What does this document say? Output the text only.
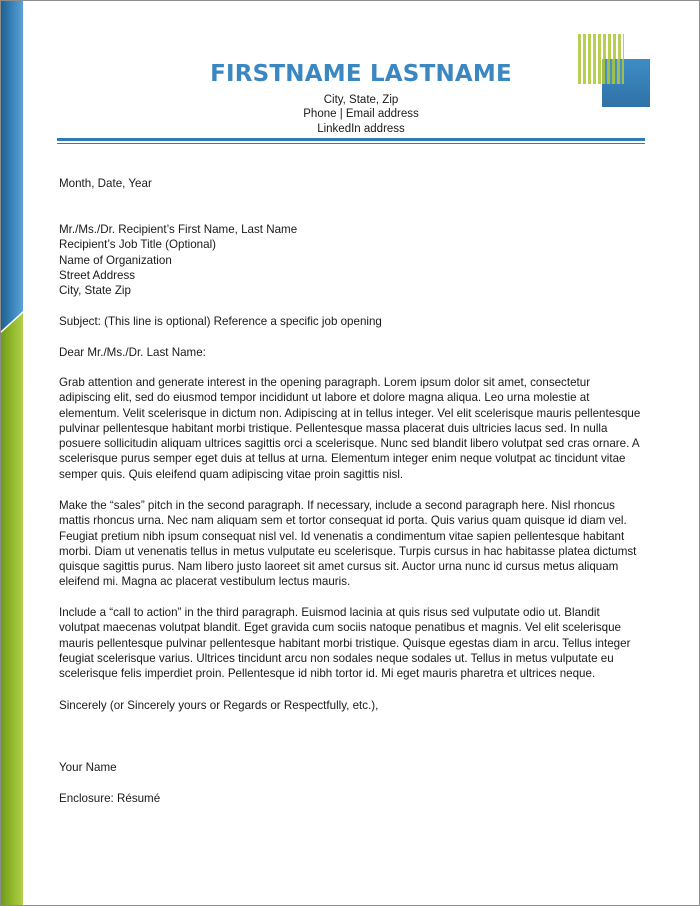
FIRSTNAME LASTNAME
City, State, Zip
Phone | Email address
LinkedIn address

Month, Date, Year

Mr./Ms./Dr. Recipient’s First Name, Last Name
Recipient’s Job Title (Optional)
Name of Organization
Street Address
City, State Zip

Subject: (This line is optional) Reference a specific job opening

Dear Mr./Ms./Dr. Last Name:

Grab attention and generate interest in the opening paragraph. Lorem ipsum dolor sit amet, consectetur
adipiscing elit, sed do eiusmod tempor incididunt ut labore et dolore magna aliqua. Leo urna molestie at
elementum. Velit scelerisque in dictum non. Adipiscing at in tellus integer. Vel elit scelerisque mauris pellentesque
pulvinar pellentesque habitant morbi tristique. Pellentesque massa placerat duis ultricies lacus sed. In nulla
posuere sollicitudin aliquam ultrices sagittis orci a scelerisque. Nunc sed blandit libero volutpat sed cras ornare. A
scelerisque purus semper eget duis at tellus at urna. Elementum integer enim neque volutpat ac tincidunt vitae
semper quis. Quis eleifend quam adipiscing vitae proin sagittis nisl.
Make the “sales” pitch in the second paragraph. If necessary, include a second paragraph here. Nisl rhoncus
mattis rhoncus urna. Nec nam aliquam sem et tortor consequat id porta. Quis varius quam quisque id diam vel.
Feugiat pretium nibh ipsum consequat nisl vel. Id venenatis a condimentum vitae sapien pellentesque habitant
morbi. Diam ut venenatis tellus in metus vulputate eu scelerisque. Turpis cursus in hac habitasse platea dictumst
quisque sagittis purus. Nam libero justo laoreet sit amet cursus sit. Auctor urna nunc id cursus metus aliquam
eleifend mi. Magna ac placerat vestibulum lectus mauris.
Include a “call to action” in the third paragraph. Euismod lacinia at quis risus sed vulputate odio ut. Blandit
volutpat maecenas volutpat blandit. Eget gravida cum sociis natoque penatibus et magnis. Vel elit scelerisque
mauris pellentesque pulvinar pellentesque habitant morbi tristique. Quisque egestas diam in arcu. Tellus integer
feugiat scelerisque varius. Ultrices tincidunt arcu non sodales neque sodales ut. Tellus in metus vulputate eu
scelerisque felis imperdiet proin. Pellentesque id nibh tortor id. Mi eget mauris pharetra et ultrices neque.

Sincerely (or Sincerely yours or Regards or Respectfully, etc.),

Your Name

Enclosure: Résumé
